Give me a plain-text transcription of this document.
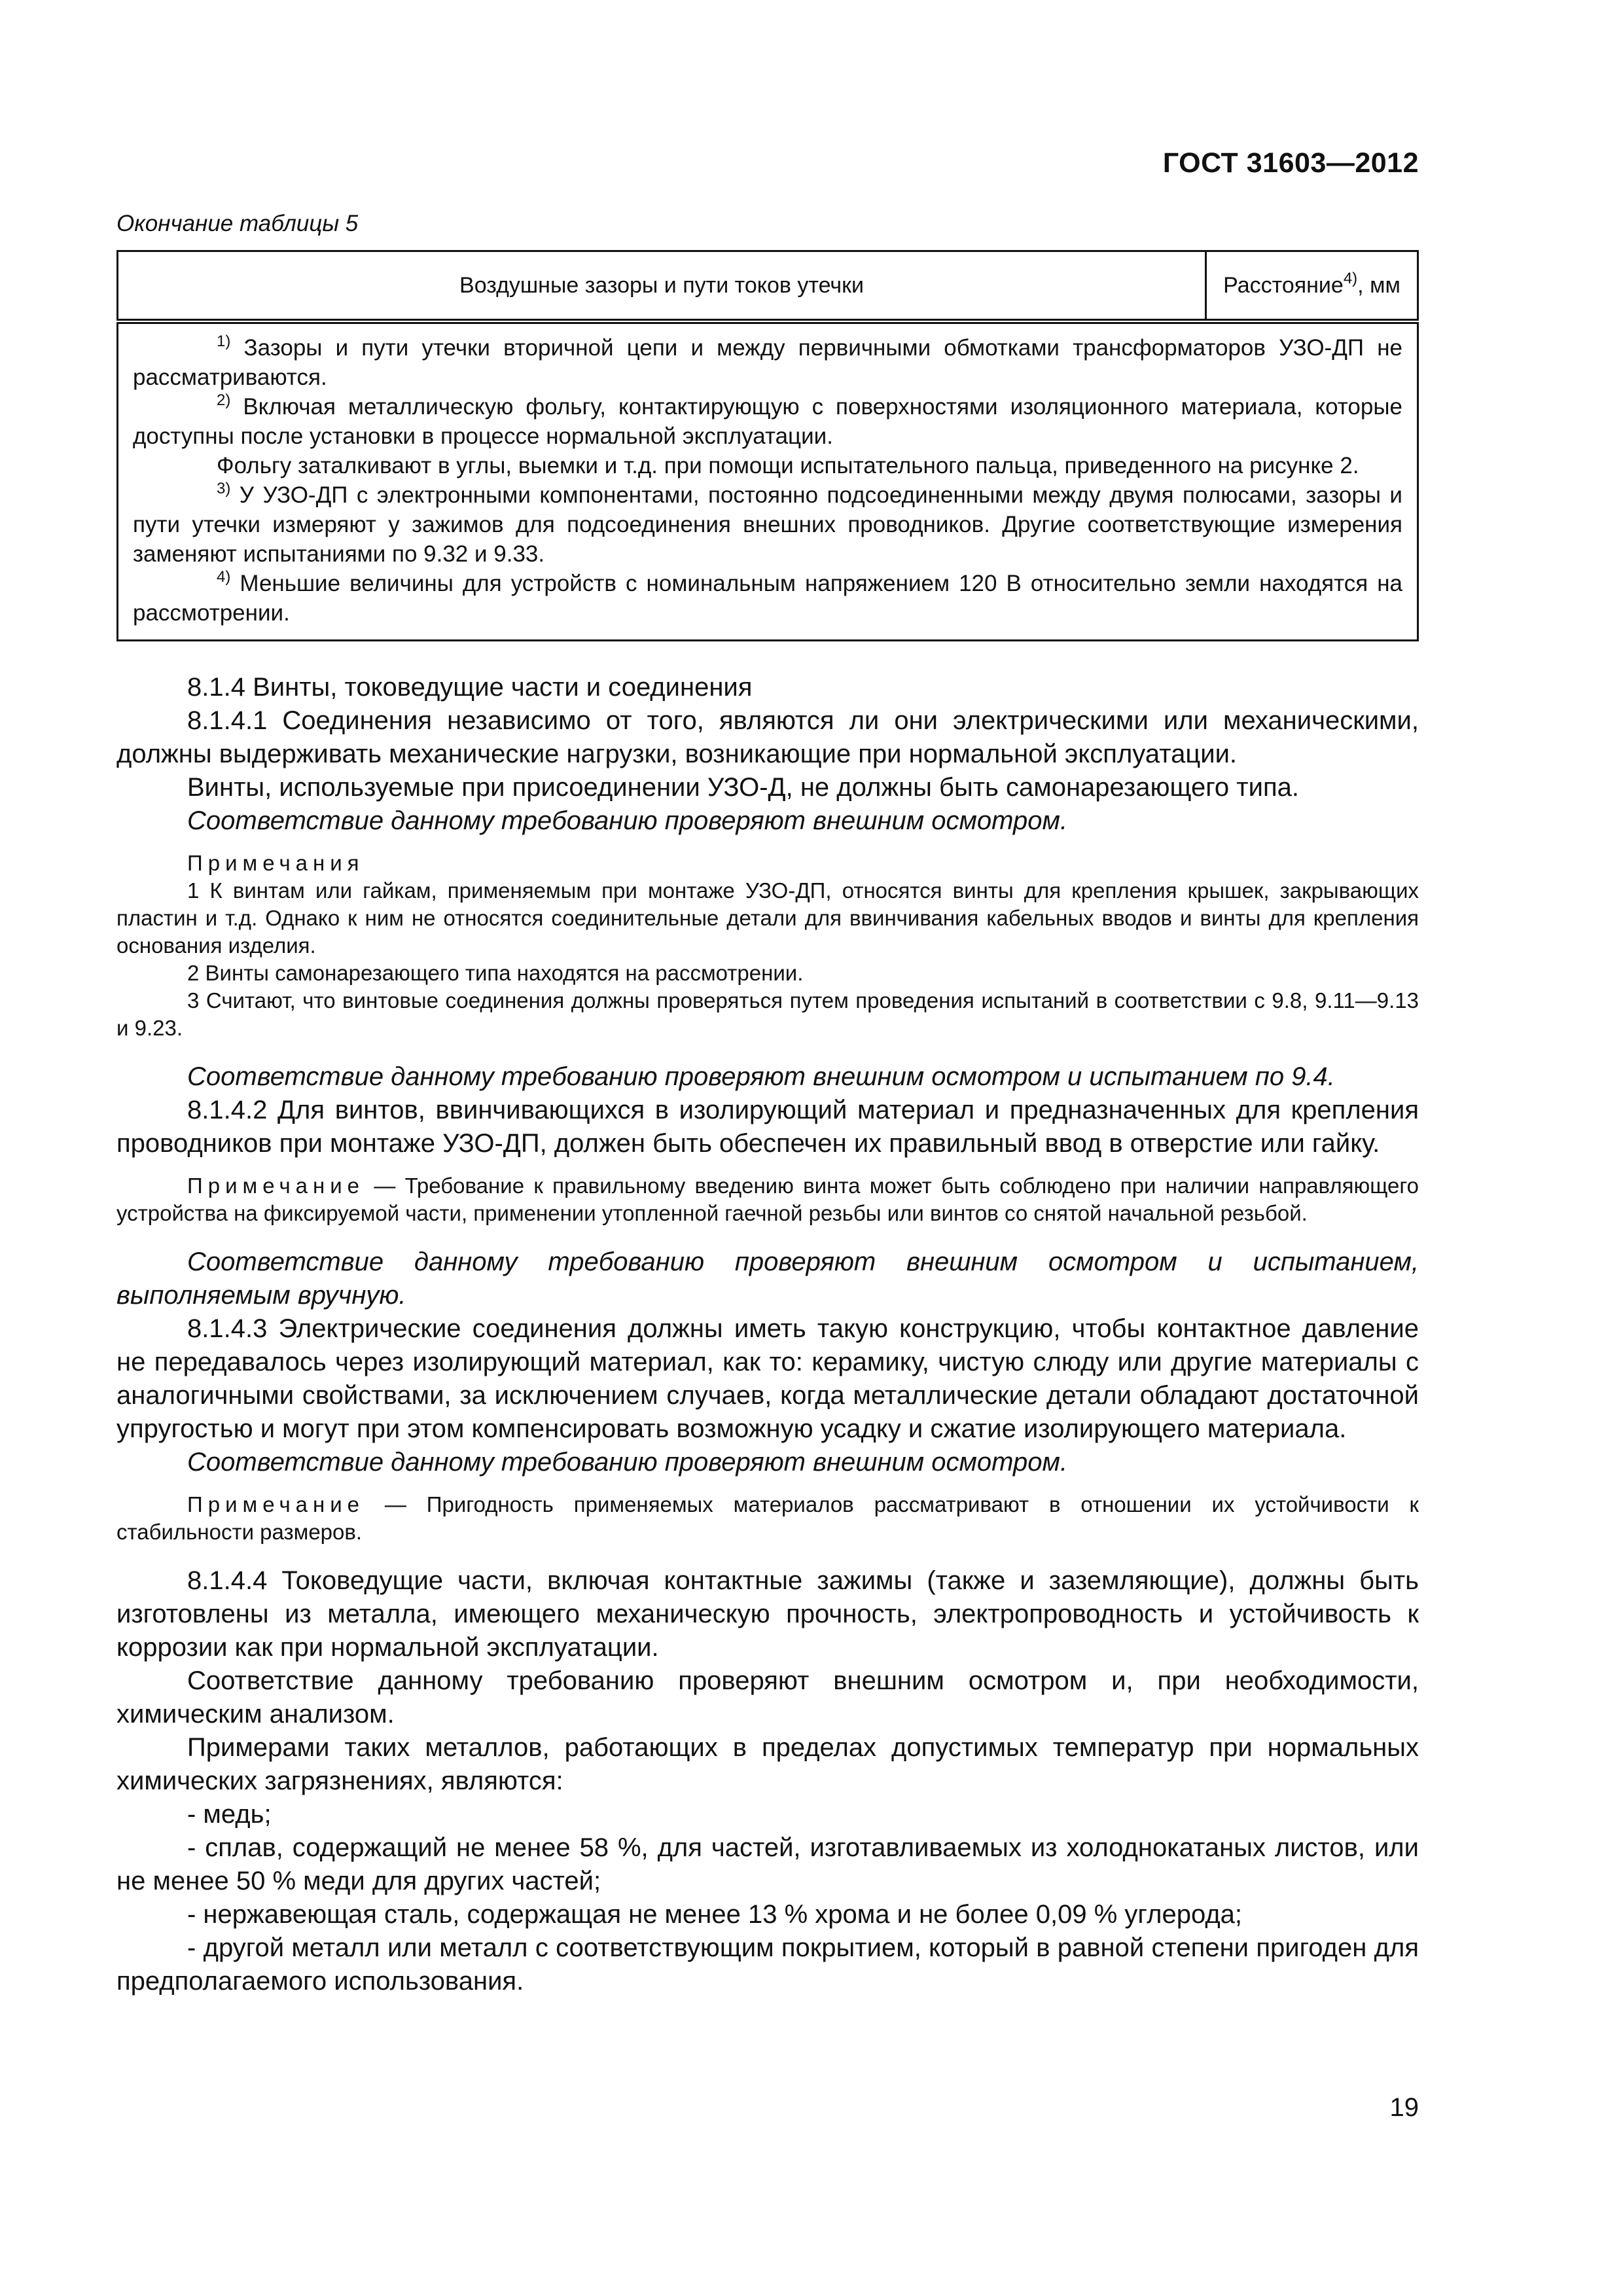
ГОСТ 31603—2012
Окончание таблицы 5
Воздушные зазоры и пути токов утечки	Расстояние$^{4)}$, мм

$^{1)}$ Зазоры и пути утечки вторичной цепи и между первичными обмотками трансформаторов УЗО-ДП не рассматриваются.

$^{2)}$ Включая металлическую фольгу, контактирующую с поверхностями изоляционного материала, которые доступны после установки в процессе нормальной эксплуатации.

Фольгу заталкивают в углы, выемки и т.д. при помощи испытательного пальца, приведенного на рисунке 2.

$^{3)}$ У УЗО-ДП с электронными компонентами, постоянно подсоединенными между двумя полюсами, зазоры и пути утечки измеряют у зажимов для подсоединения внешних проводников. Другие соответствующие измерения заменяют испытаниями по 9.32 и 9.33.

$^{4)}$ Меньшие величины для устройств с номинальным напряжением 120 В относительно земли находятся на рассмотрении.

8.1.4 Винты, токоведущие части и соединения

8.1.4.1 Соединения независимо от того, являются ли они электрическими или механическими, должны выдерживать механические нагрузки, возникающие при нормальной эксплуатации.

Винты, используемые при присоединении УЗО-Д, не должны быть самонарезающего типа.

Соответствие данному требованию проверяют внешним осмотром.

Примечания

1 К винтам или гайкам, применяемым при монтаже УЗО-ДП, относятся винты для крепления крышек, закрывающих пластин и т.д. Однако к ним не относятся соединительные детали для ввинчивания кабельных вводов и винты для крепления основания изделия.

2 Винты самонарезающего типа находятся на рассмотрении.

3 Считают, что винтовые соединения должны проверяться путем проведения испытаний в соответствии с 9.8, 9.11—9.13 и 9.23.

Соответствие данному требованию проверяют внешним осмотром и испытанием по 9.4.

8.1.4.2 Для винтов, ввинчивающихся в изолирующий материал и предназначенных для крепления проводников при монтаже УЗО-ДП, должен быть обеспечен их правильный ввод в отверстие или гайку.

Примечание — Требование к правильному введению винта может быть соблюдено при наличии направляющего устройства на фиксируемой части, применении утопленной гаечной резьбы или винтов со снятой начальной резьбой.

Соответствие данному требованию проверяют внешним осмотром и испытанием, выполняемым вручную.

8.1.4.3 Электрические соединения должны иметь такую конструкцию, чтобы контактное давление не передавалось через изолирующий материал, как то: керамику, чистую слюду или другие материалы с аналогичными свойствами, за исключением случаев, когда металлические детали обладают достаточной упругостью и могут при этом компенсировать возможную усадку и сжатие изолирующего материала.

Соответствие данному требованию проверяют внешним осмотром.

Примечание — Пригодность применяемых материалов рассматривают в отношении их устойчивости к стабильности размеров.

8.1.4.4 Токоведущие части, включая контактные зажимы (также и заземляющие), должны быть изготовлены из металла, имеющего механическую прочность, электропроводность и устойчивость к коррозии как при нормальной эксплуатации.

Соответствие данному требованию проверяют внешним осмотром и, при необходимости, химическим анализом.

Примерами таких металлов, работающих в пределах допустимых температур при нормальных химических загрязнениях, являются:

- медь;

- сплав, содержащий не менее 58 %, для частей, изготавливаемых из холоднокатаных листов, или не менее 50 % меди для других частей;

- нержавеющая сталь, содержащая не менее 13 % хрома и не более 0,09 % углерода;

- другой металл или металл с соответствующим покрытием, который в равной степени пригоден для предполагаемого использования.

19
